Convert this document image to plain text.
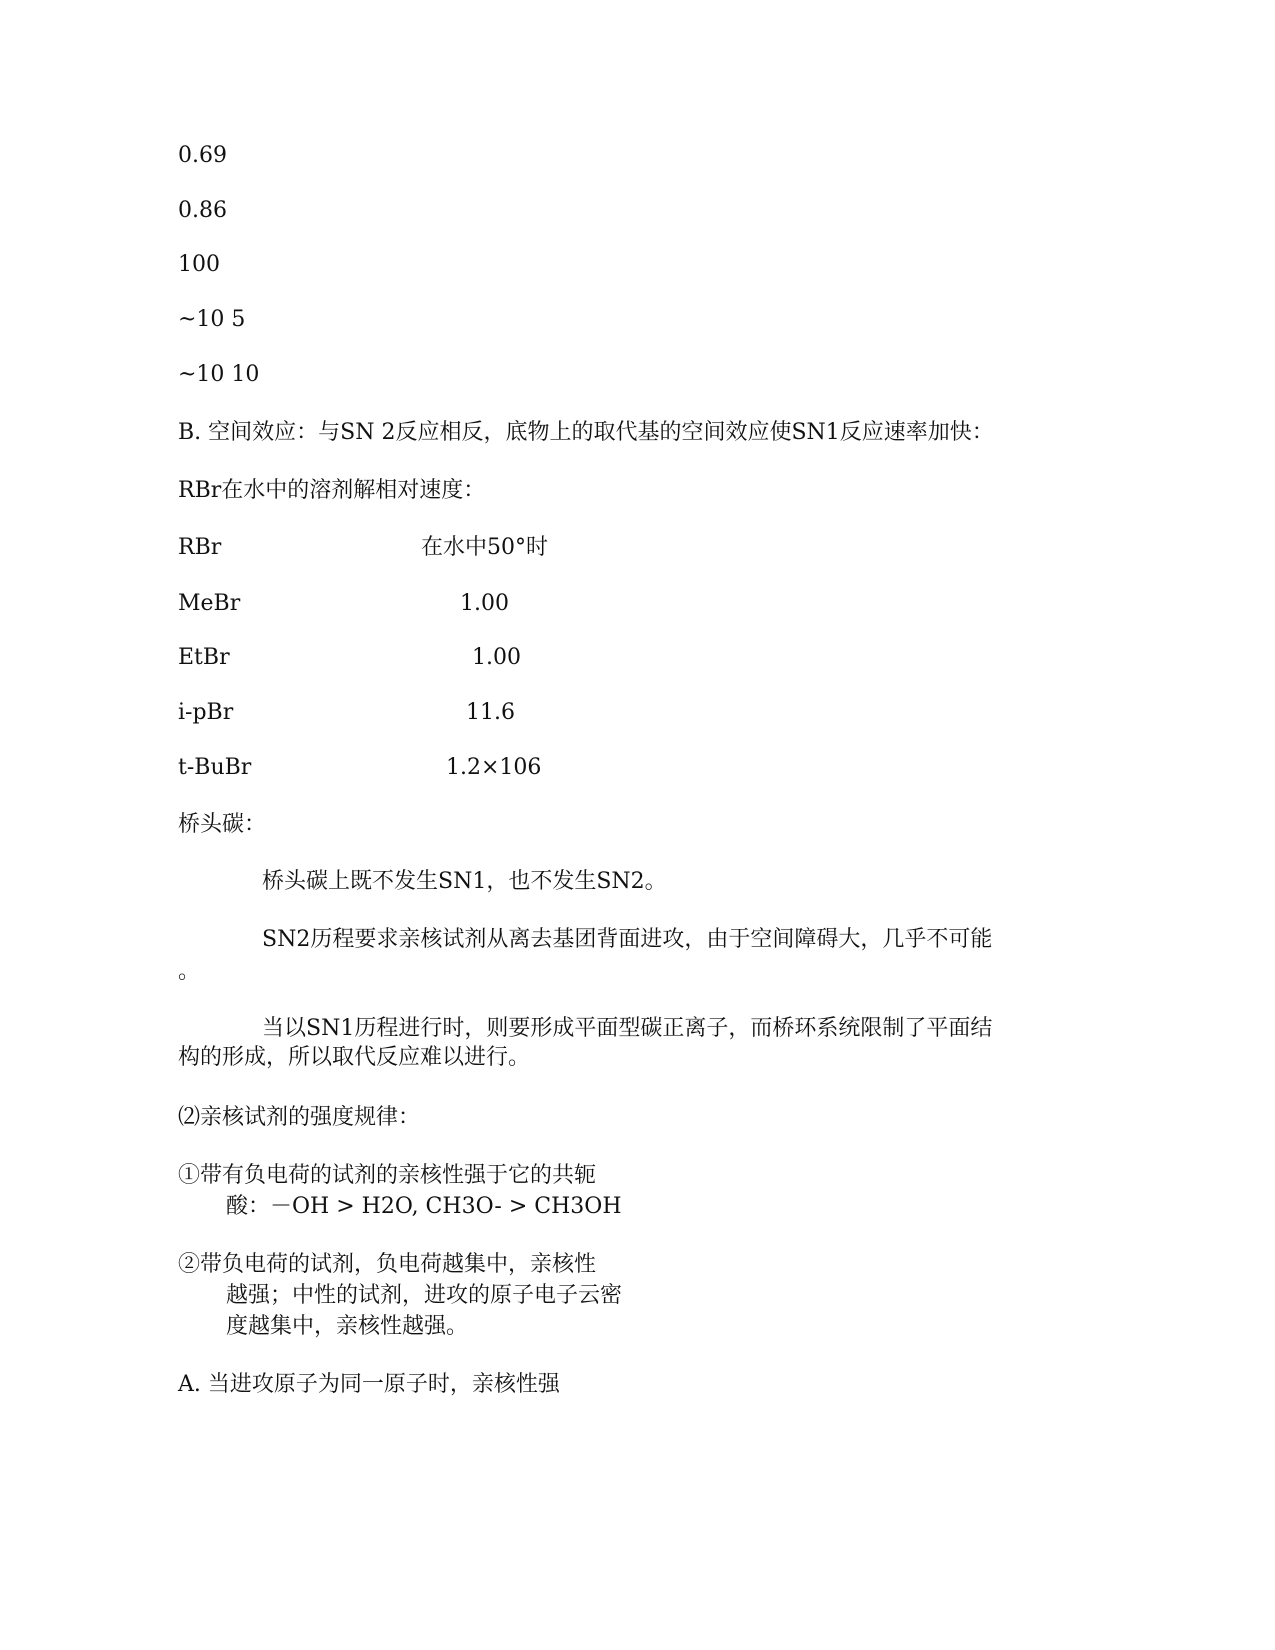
0.69
0.86
100
~10 5
~10 10
B. 空间效应：与SN 2反应相反，底物上的取代基的空间效应使SN1反应速率加快：
RBr在水中的溶剂解相对速度：
RBr	在水中50°时
MeBr	1.00
EtBr	1.00
i-pBr	11.6
t-BuBr	1.2×106
桥头碳：
桥头碳上既不发生SN1，也不发生SN2。
SN2历程要求亲核试剂从离去基团背面进攻，由于空间障碍大，几乎不可能
。
当以SN1历程进行时，则要形成平面型碳正离子，而桥环系统限制了平面结
构的形成，所以取代反应难以进行。
⑵亲核试剂的强度规律：
①带有负电荷的试剂的亲核性强于它的共轭
酸：－OH > H2O, CH3O- > CH3OH
②带负电荷的试剂，负电荷越集中，亲核性
越强；中性的试剂，进攻的原子电子云密
度越集中，亲核性越强。
A. 当进攻原子为同一原子时，亲核性强
